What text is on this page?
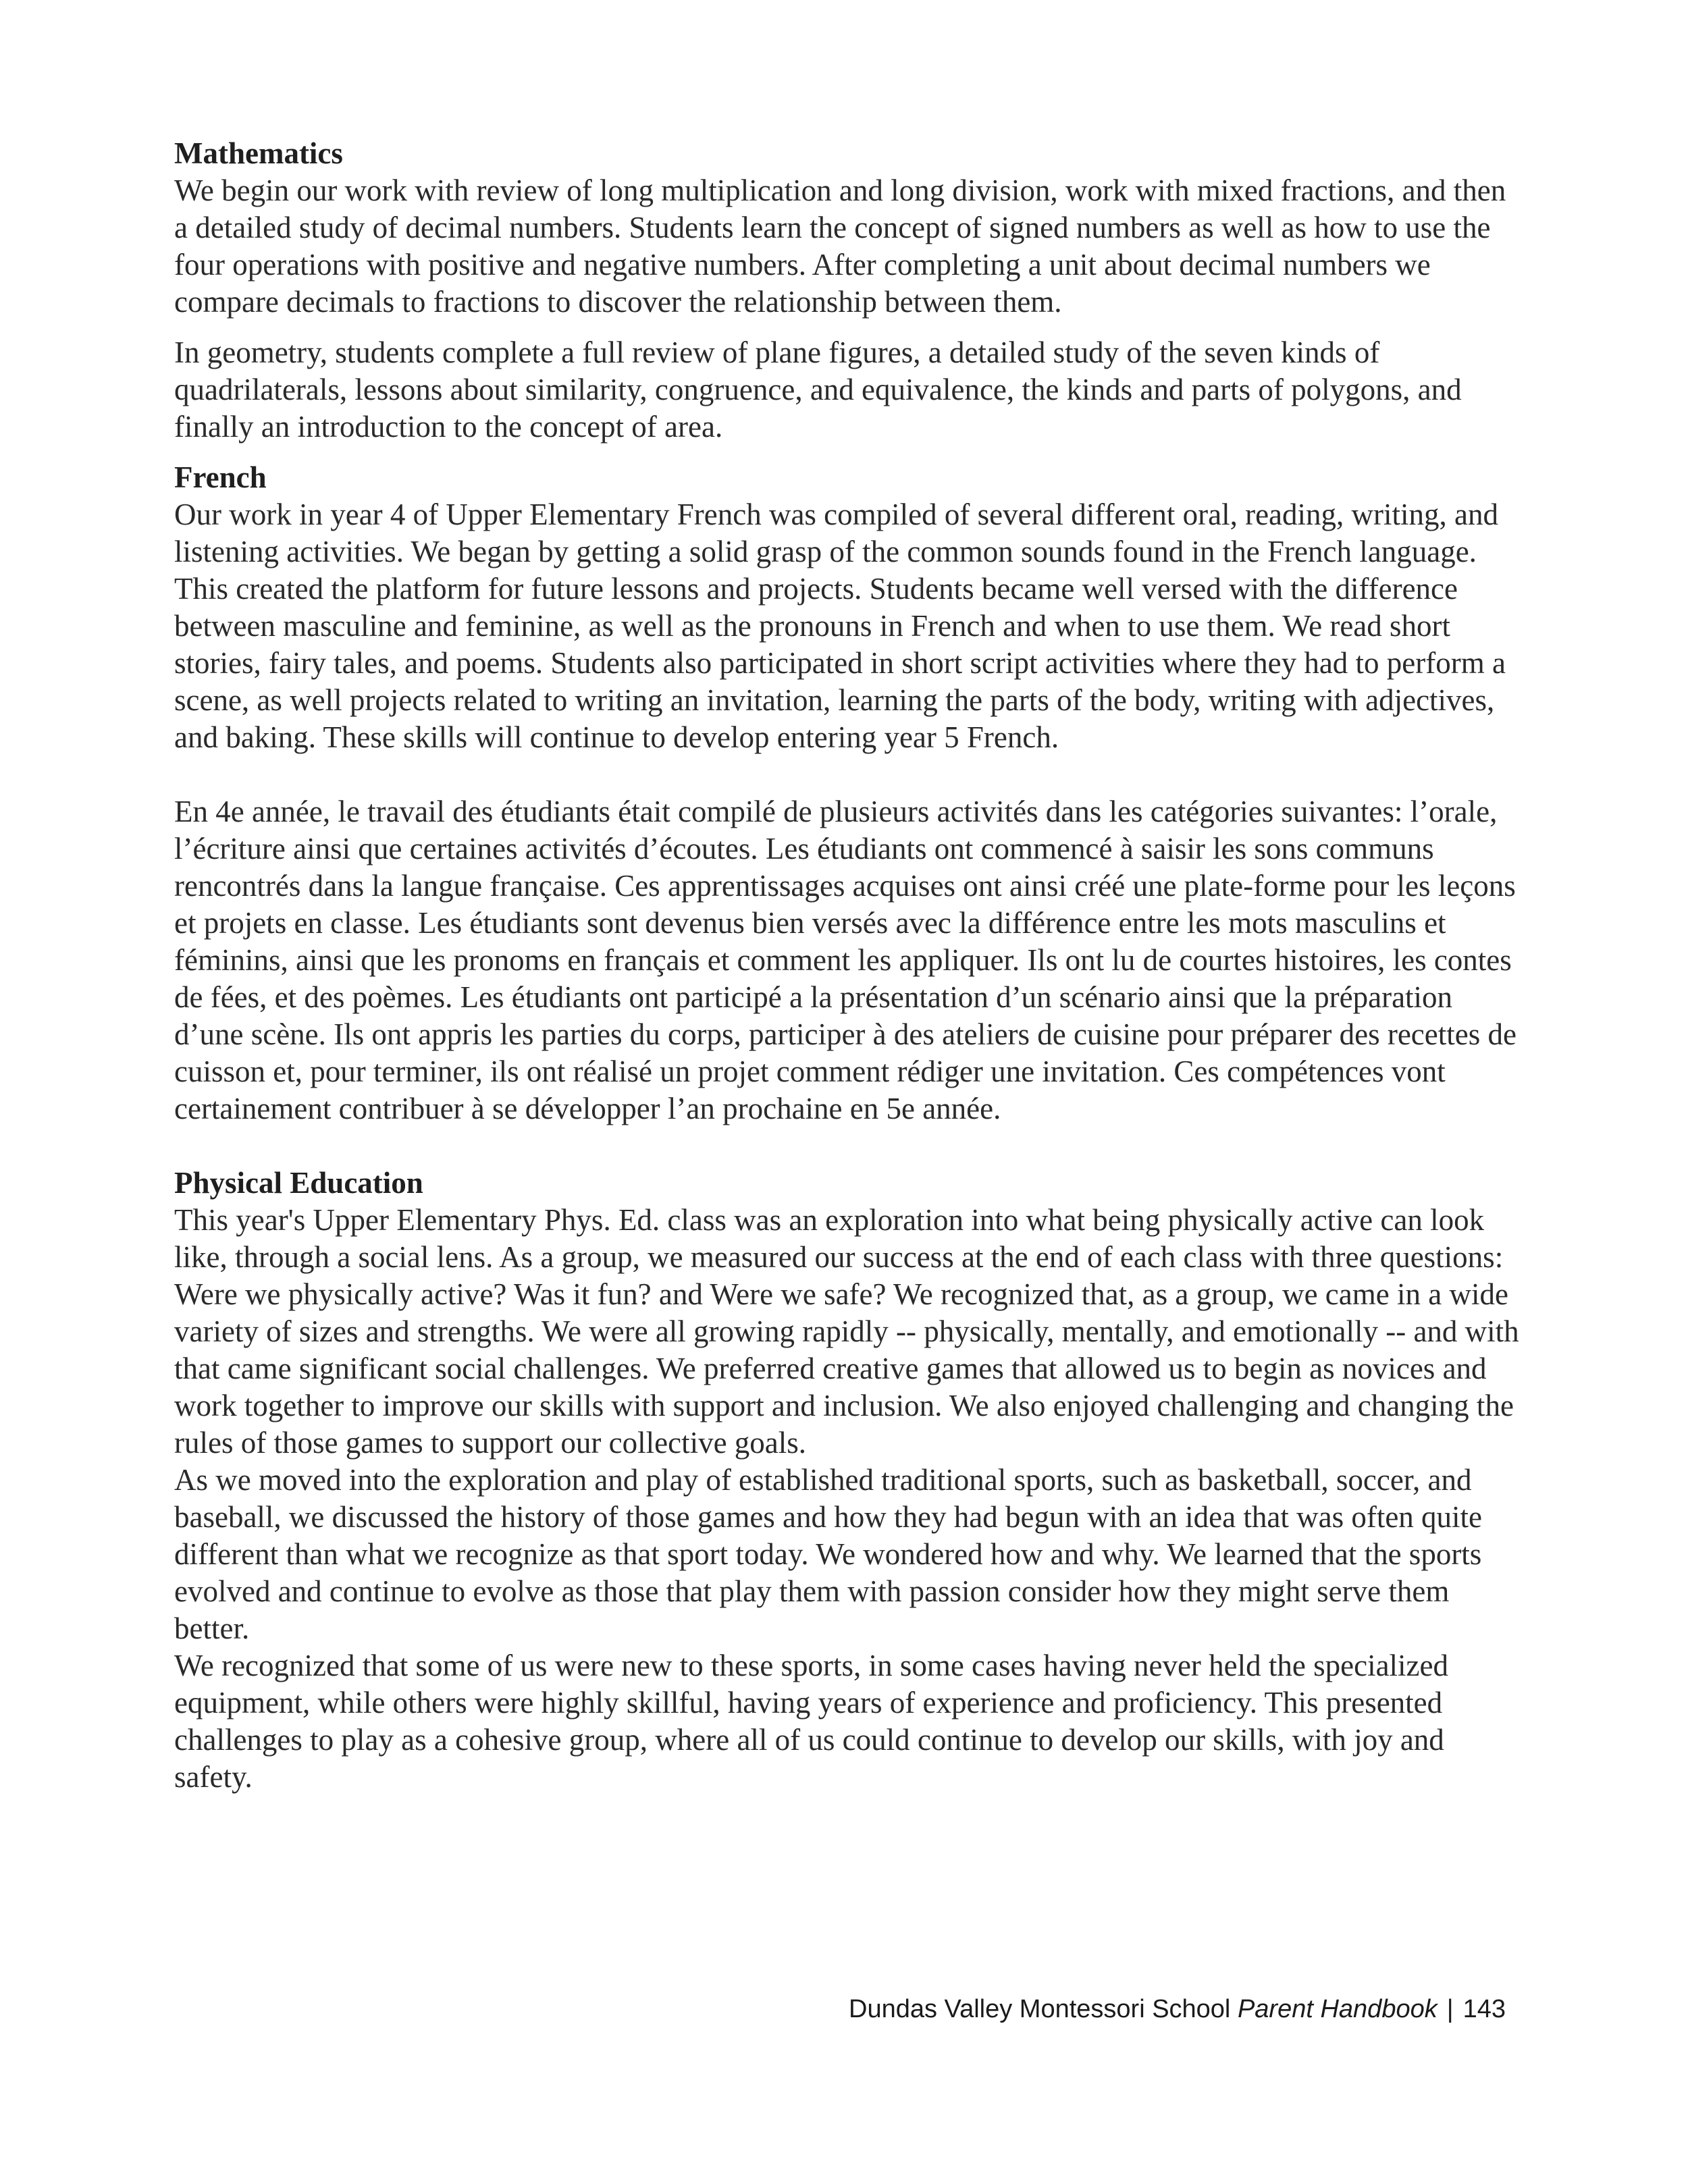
Mathematics

We begin our work with review of long multiplication and long division, work with mixed fractions, and then a detailed study of decimal numbers. Students learn the concept of signed numbers as well as how to use the four operations with positive and negative numbers. After completing a unit about decimal numbers we compare decimals to fractions to discover the relationship between them.

In geometry, students complete a full review of plane figures, a detailed study of the seven kinds of quadrilaterals, lessons about similarity, congruence, and equivalence, the kinds and parts of polygons, and finally an introduction to the concept of area.

French

Our work in year 4 of Upper Elementary French was compiled of several different oral, reading, writing, and listening activities. We began by getting a solid grasp of the common sounds found in the French language. This created the platform for future lessons and projects. Students became well versed with the difference between masculine and feminine, as well as the pronouns in French and when to use them. We read short stories, fairy tales, and poems. Students also participated in short script activities where they had to perform a scene, as well projects related to writing an invitation, learning the parts of the body, writing with adjectives, and baking. These skills will continue to develop entering year 5 French.

En 4e année, le travail des étudiants était compilé de plusieurs activités dans les catégories suivantes: l’orale, l’écriture ainsi que certaines activités d’écoutes. Les étudiants ont commencé à saisir les sons communs rencontrés dans la langue française. Ces apprentissages acquises ont ainsi créé une plate-forme pour les leçons et projets en classe. Les étudiants sont devenus bien versés avec la différence entre les mots masculins et féminins, ainsi que les pronoms en français et comment les appliquer. Ils ont lu de courtes histoires, les contes de fées, et des poèmes. Les étudiants ont participé a la présentation d’un scénario ainsi que la préparation d’une scène. Ils ont appris les parties du corps, participer à des ateliers de cuisine pour préparer des recettes de cuisson et, pour terminer, ils ont réalisé un projet comment rédiger une invitation. Ces compétences vont certainement contribuer à se développer l’an prochaine en 5e année.

Physical Education

This year's Upper Elementary Phys. Ed. class was an exploration into what being physically active can look like, through a social lens. As a group, we measured our success at the end of each class with three questions: Were we physically active? Was it fun? and Were we safe? We recognized that, as a group, we came in a wide variety of sizes and strengths. We were all growing rapidly -- physically, mentally, and emotionally -- and with that came significant social challenges. We preferred creative games that allowed us to begin as novices and work together to improve our skills with support and inclusion. We also enjoyed challenging and changing the rules of those games to support our collective goals.

As we moved into the exploration and play of established traditional sports, such as basketball, soccer, and baseball, we discussed the history of those games and how they had begun with an idea that was often quite different than what we recognize as that sport today. We wondered how and why. We learned that the sports evolved and continue to evolve as those that play them with passion consider how they might serve them better.

We recognized that some of us were new to these sports, in some cases having never held the specialized equipment, while others were highly skillful, having years of experience and proficiency. This presented challenges to play as a cohesive group, where all of us could continue to develop our skills, with joy and safety.

Dundas Valley Montessori School Parent Handbook | 143
